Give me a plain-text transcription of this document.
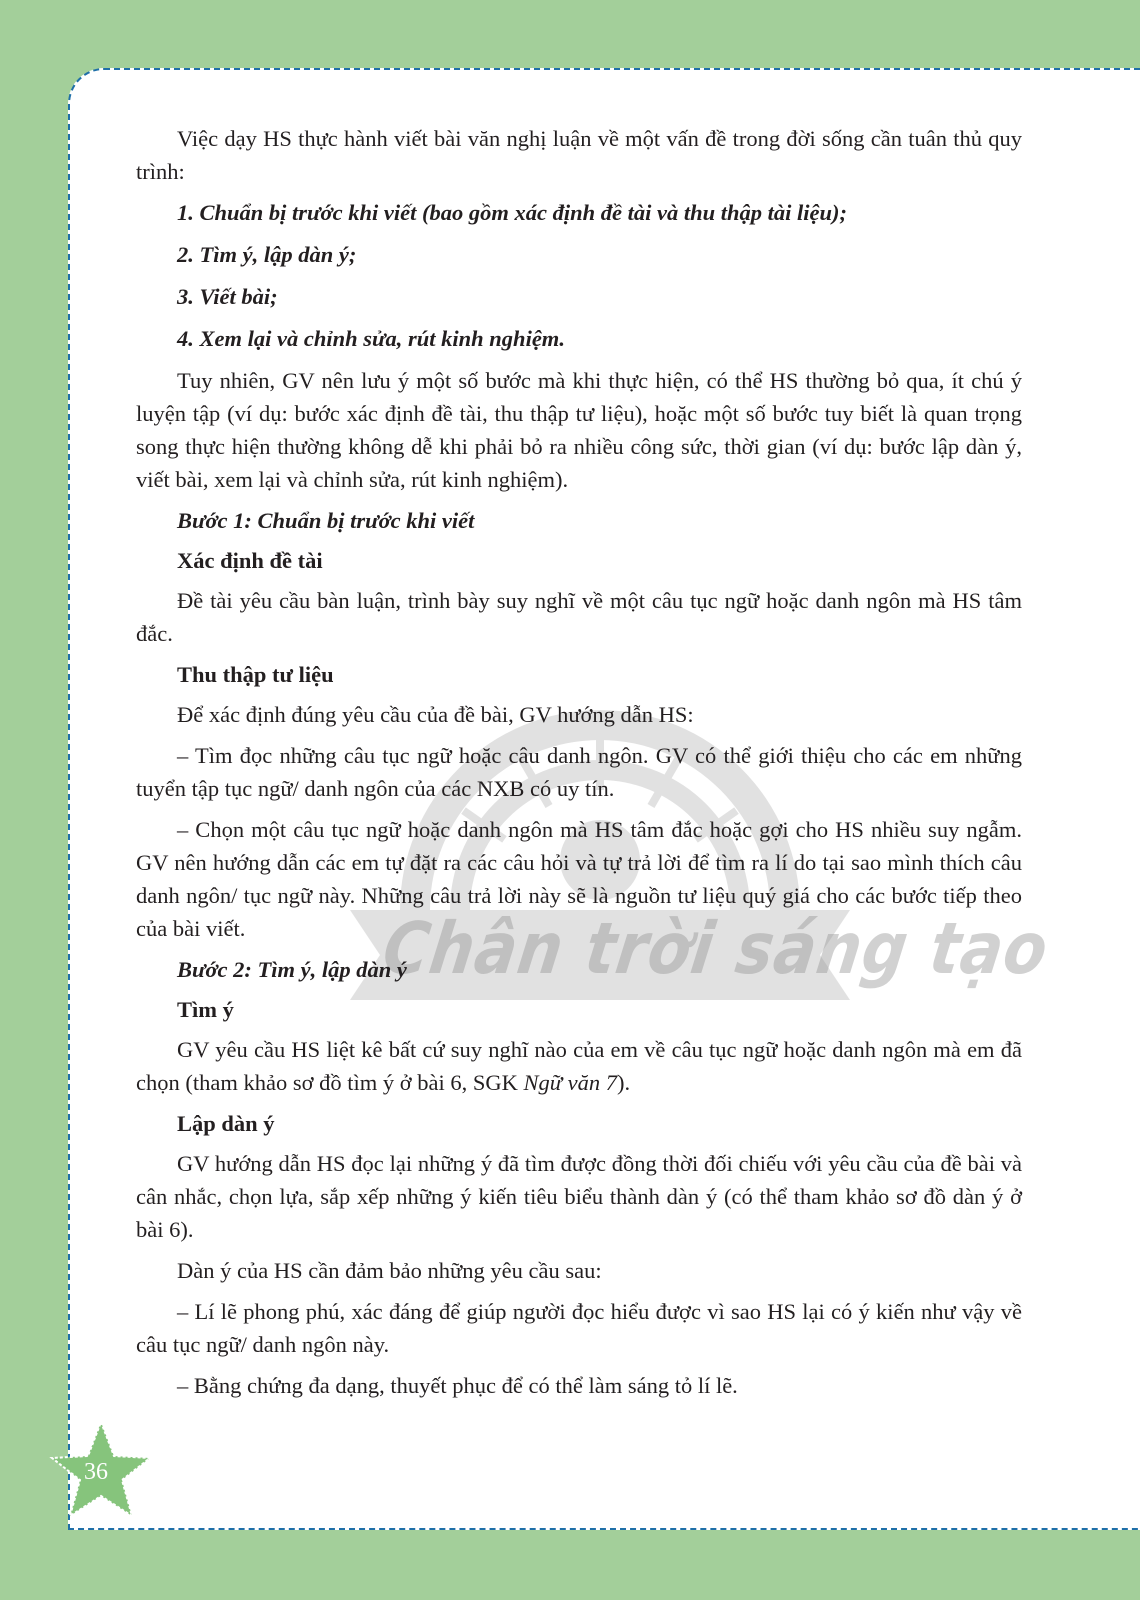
Chân trời sáng tạo

Việc dạy HS thực hành viết bài văn nghị luận về một vấn đề trong đời sống cần tuân thủ quy trình:

1. Chuẩn bị trước khi viết (bao gồm xác định đề tài và thu thập tài liệu);

2. Tìm ý, lập dàn ý;

3. Viết bài;

4. Xem lại và chỉnh sửa, rút kinh nghiệm.

Tuy nhiên, GV nên lưu ý một số bước mà khi thực hiện, có thể HS thường bỏ qua, ít chú ý luyện tập (ví dụ: bước xác định đề tài, thu thập tư liệu), hoặc một số bước tuy biết là quan trọng song thực hiện thường không dễ khi phải bỏ ra nhiều công sức, thời gian (ví dụ: bước lập dàn ý, viết bài, xem lại và chỉnh sửa, rút kinh nghiệm).

Bước 1: Chuẩn bị trước khi viết

Xác định đề tài

Đề tài yêu cầu bàn luận, trình bày suy nghĩ về một câu tục ngữ hoặc danh ngôn mà HS tâm đắc.

Thu thập tư liệu

Để xác định đúng yêu cầu của đề bài, GV hướng dẫn HS:

– Tìm đọc những câu tục ngữ hoặc câu danh ngôn. GV có thể giới thiệu cho các em những tuyển tập tục ngữ/ danh ngôn của các NXB có uy tín.

– Chọn một câu tục ngữ hoặc danh ngôn mà HS tâm đắc hoặc gợi cho HS nhiều suy ngẫm. GV nên hướng dẫn các em tự đặt ra các câu hỏi và tự trả lời để tìm ra lí do tại sao mình thích câu danh ngôn/ tục ngữ này. Những câu trả lời này sẽ là nguồn tư liệu quý giá cho các bước tiếp theo của bài viết.

Bước 2: Tìm ý, lập dàn ý

Tìm ý

GV yêu cầu HS liệt kê bất cứ suy nghĩ nào của em về câu tục ngữ hoặc danh ngôn mà em đã chọn (tham khảo sơ đồ tìm ý ở bài 6, SGK Ngữ văn 7).

Lập dàn ý

GV hướng dẫn HS đọc lại những ý đã tìm được đồng thời đối chiếu với yêu cầu của đề bài và cân nhắc, chọn lựa, sắp xếp những ý kiến tiêu biểu thành dàn ý (có thể tham khảo sơ đồ dàn ý ở bài 6).

Dàn ý của HS cần đảm bảo những yêu cầu sau:

– Lí lẽ phong phú, xác đáng để giúp người đọc hiểu được vì sao HS lại có ý kiến như vậy về câu tục ngữ/ danh ngôn này.

– Bằng chứng đa dạng, thuyết phục để có thể làm sáng tỏ lí lẽ.

36
